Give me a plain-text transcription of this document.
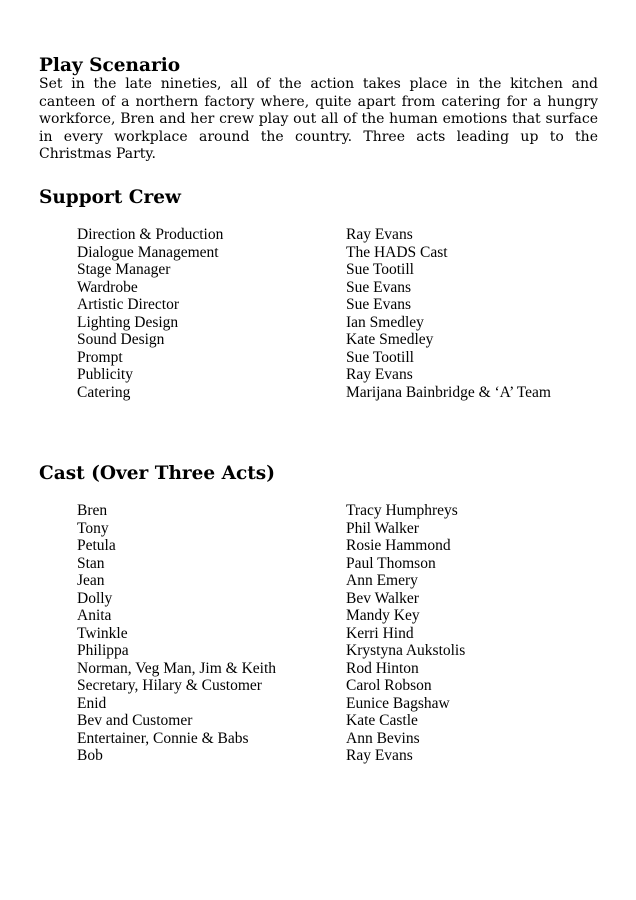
Play Scenario

Set in the late nineties, all of the action takes place in the kitchen and canteen of a northern factory where, quite apart from catering for a hungry workforce, Bren and her crew play out all of the human emotions that surface in every workplace around the country. Three acts leading up to the Christmas Party.

Support Crew
Direction & Production	Ray Evans
Dialogue Management	The HADS Cast
Stage Manager	Sue Tootill
Wardrobe	Sue Evans
Artistic Director	Sue Evans
Lighting Design	Ian Smedley
Sound Design	Kate Smedley
Prompt	Sue Tootill
Publicity	Ray Evans
Catering	Marijana Bainbridge & ‘A’ Team
Cast (Over Three Acts)
Bren	Tracy Humphreys
Tony	Phil Walker
Petula	Rosie Hammond
Stan	Paul Thomson
Jean	Ann Emery
Dolly	Bev Walker
Anita	Mandy Key
Twinkle	Kerri Hind
Philippa	Krystyna Aukstolis
Norman, Veg Man, Jim & Keith	Rod Hinton
Secretary, Hilary & Customer	Carol Robson
Enid	Eunice Bagshaw
Bev and Customer	Kate Castle
Entertainer, Connie & Babs	Ann Bevins
Bob	Ray Evans
